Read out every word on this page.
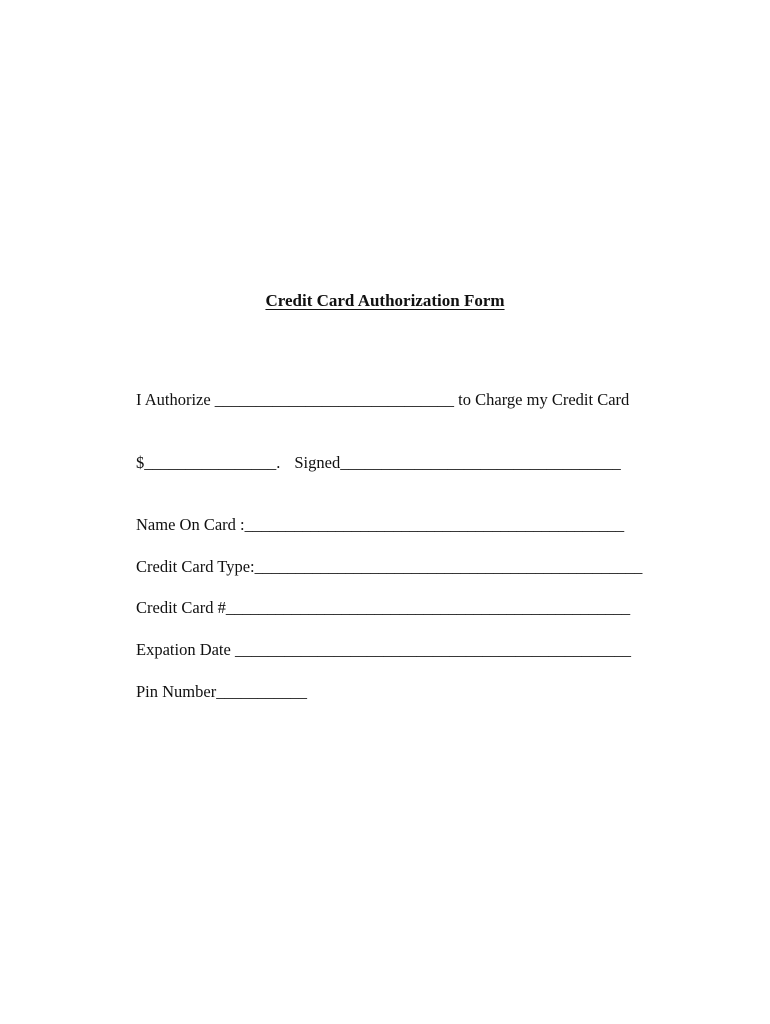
Credit Card Authorization Form
I Authorize _____________________________ to Charge my Credit Card
$________________. Signed__________________________________
Name On Card :______________________________________________
Credit Card Type:_______________________________________________
Credit Card #_________________________________________________
Expation Date ________________________________________________
Pin Number___________
